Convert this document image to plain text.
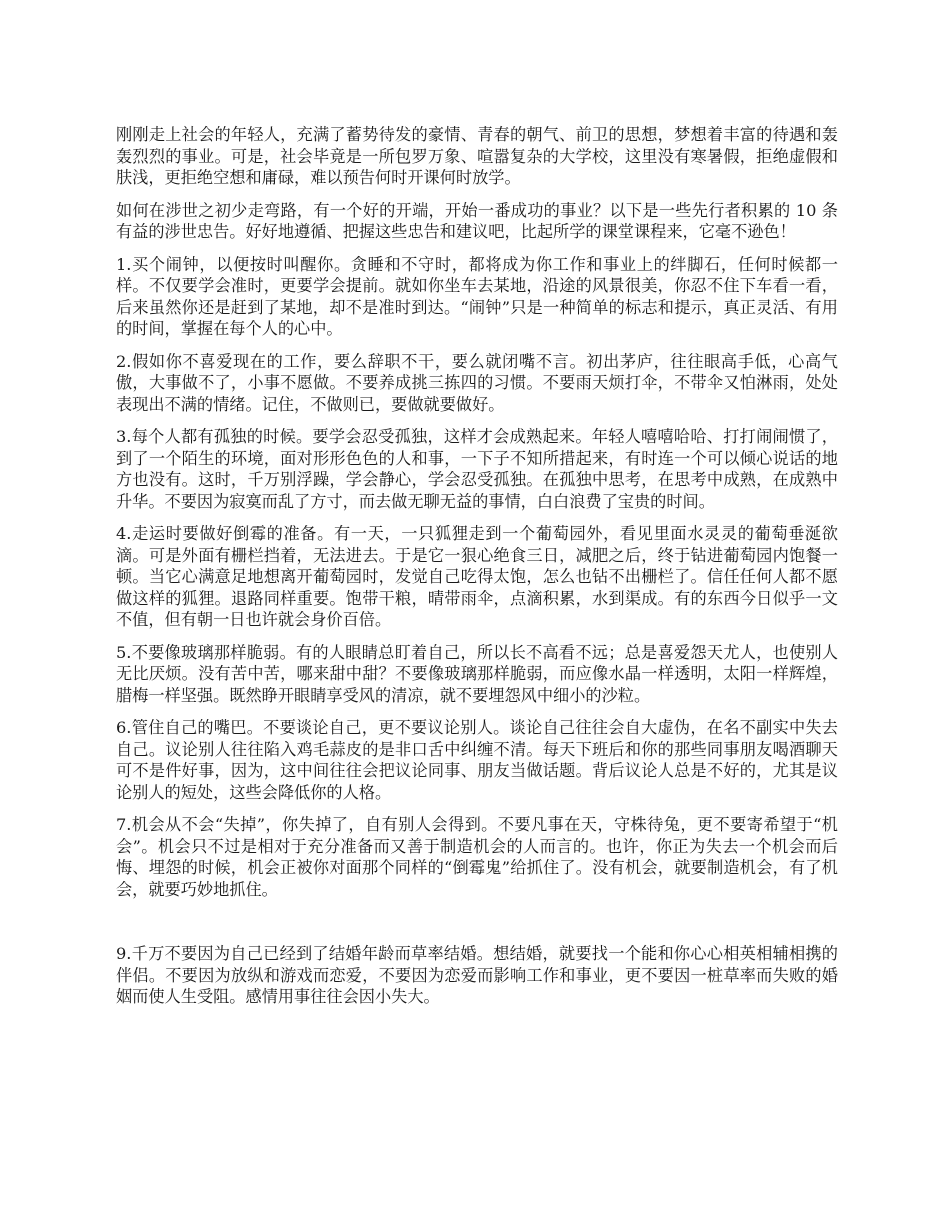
刚刚走上社会的年轻人，充满了蓄势待发的豪情、青春的朝气、前卫的思想，梦想着丰富的待遇和轰轰烈烈的事业。可是，社会毕竟是一所包罗万象、喧嚣复杂的大学校，这里没有寒暑假，拒绝虚假和肤浅，更拒绝空想和庸碌，难以预告何时开课何时放学。

如何在涉世之初少走弯路，有一个好的开端，开始一番成功的事业？以下是一些先行者积累的 10 条有益的涉世忠告。好好地遵循、把握这些忠告和建议吧，比起所学的课堂课程来，它毫不逊色！

1.买个闹钟，以便按时叫醒你。贪睡和不守时，都将成为你工作和事业上的绊脚石，任何时候都一样。不仅要学会准时，更要学会提前。就如你坐车去某地，沿途的风景很美，你忍不住下车看一看，后来虽然你还是赶到了某地，却不是准时到达。“闹钟”只是一种简单的标志和提示，真正灵活、有用的时间，掌握在每个人的心中。

2.假如你不喜爱现在的工作，要么辞职不干，要么就闭嘴不言。初出茅庐，往往眼高手低，心高气傲，大事做不了，小事不愿做。不要养成挑三拣四的习惯。不要雨天烦打伞，不带伞又怕淋雨，处处表现出不满的情绪。记住，不做则已，要做就要做好。

3.每个人都有孤独的时候。要学会忍受孤独，这样才会成熟起来。年轻人嘻嘻哈哈、打打闹闹惯了，到了一个陌生的环境，面对形形色色的人和事，一下子不知所措起来，有时连一个可以倾心说话的地方也没有。这时，千万别浮躁，学会静心，学会忍受孤独。在孤独中思考，在思考中成熟，在成熟中升华。不要因为寂寞而乱了方寸，而去做无聊无益的事情，白白浪费了宝贵的时间。

4.走运时要做好倒霉的准备。有一天，一只狐狸走到一个葡萄园外，看见里面水灵灵的葡萄垂涎欲滴。可是外面有栅栏挡着，无法进去。于是它一狠心绝食三日，减肥之后，终于钻进葡萄园内饱餐一顿。当它心满意足地想离开葡萄园时，发觉自己吃得太饱，怎么也钻不出栅栏了。信任任何人都不愿做这样的狐狸。退路同样重要。饱带干粮，晴带雨伞，点滴积累，水到渠成。有的东西今日似乎一文不值，但有朝一日也许就会身价百倍。

5.不要像玻璃那样脆弱。有的人眼睛总盯着自己，所以长不高看不远；总是喜爱怨天尤人，也使别人无比厌烦。没有苦中苦，哪来甜中甜？不要像玻璃那样脆弱，而应像水晶一样透明，太阳一样辉煌，腊梅一样坚强。既然睁开眼睛享受风的清凉，就不要埋怨风中细小的沙粒。

6.管住自己的嘴巴。不要谈论自己，更不要议论别人。谈论自己往往会自大虚伪，在名不副实中失去自己。议论别人往往陷入鸡毛蒜皮的是非口舌中纠缠不清。每天下班后和你的那些同事朋友喝酒聊天可不是件好事，因为，这中间往往会把议论同事、朋友当做话题。背后议论人总是不好的，尤其是议论别人的短处，这些会降低你的人格。

7.机会从不会“失掉”，你失掉了，自有别人会得到。不要凡事在天，守株待兔，更不要寄希望于“机会”。机会只不过是相对于充分准备而又善于制造机会的人而言的。也许，你正为失去一个机会而后悔、埋怨的时候，机会正被你对面那个同样的“倒霉鬼”给抓住了。没有机会，就要制造机会，有了机会，就要巧妙地抓住。

9.千万不要因为自己已经到了结婚年龄而草率结婚。想结婚，就要找一个能和你心心相英相辅相携的伴侣。不要因为放纵和游戏而恋爱，不要因为恋爱而影响工作和事业，更不要因一桩草率而失败的婚姻而使人生受阻。感情用事往往会因小失大。
